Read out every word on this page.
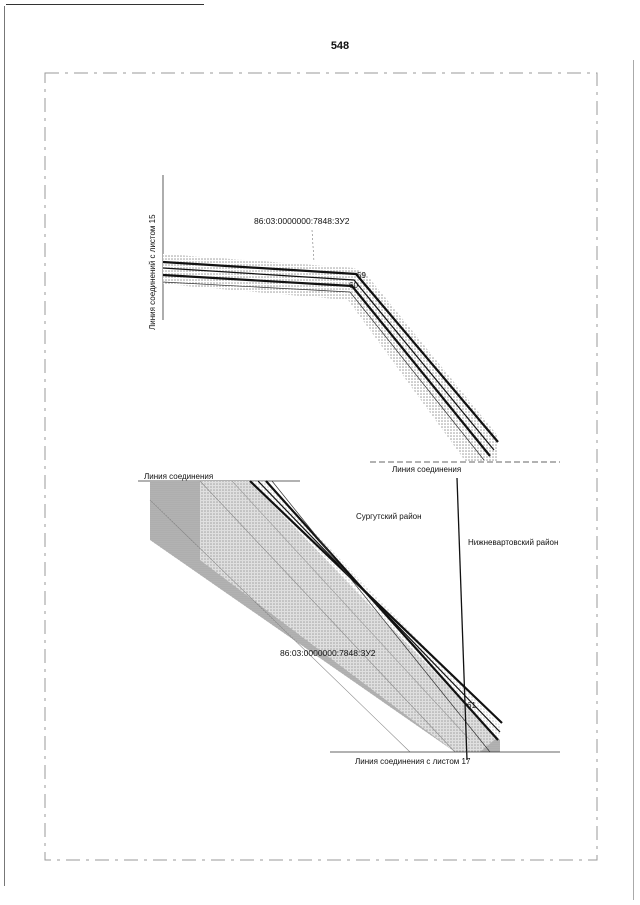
548
86:03:0000000:7848:ЗУ2
Линия соединений с листом 15
Линия соединения
59
60
Линия соединения
Сургутский район
Нижневартовский район
86:03:0000000:7848:ЗУ2
61
Линия соединения с листом 17
